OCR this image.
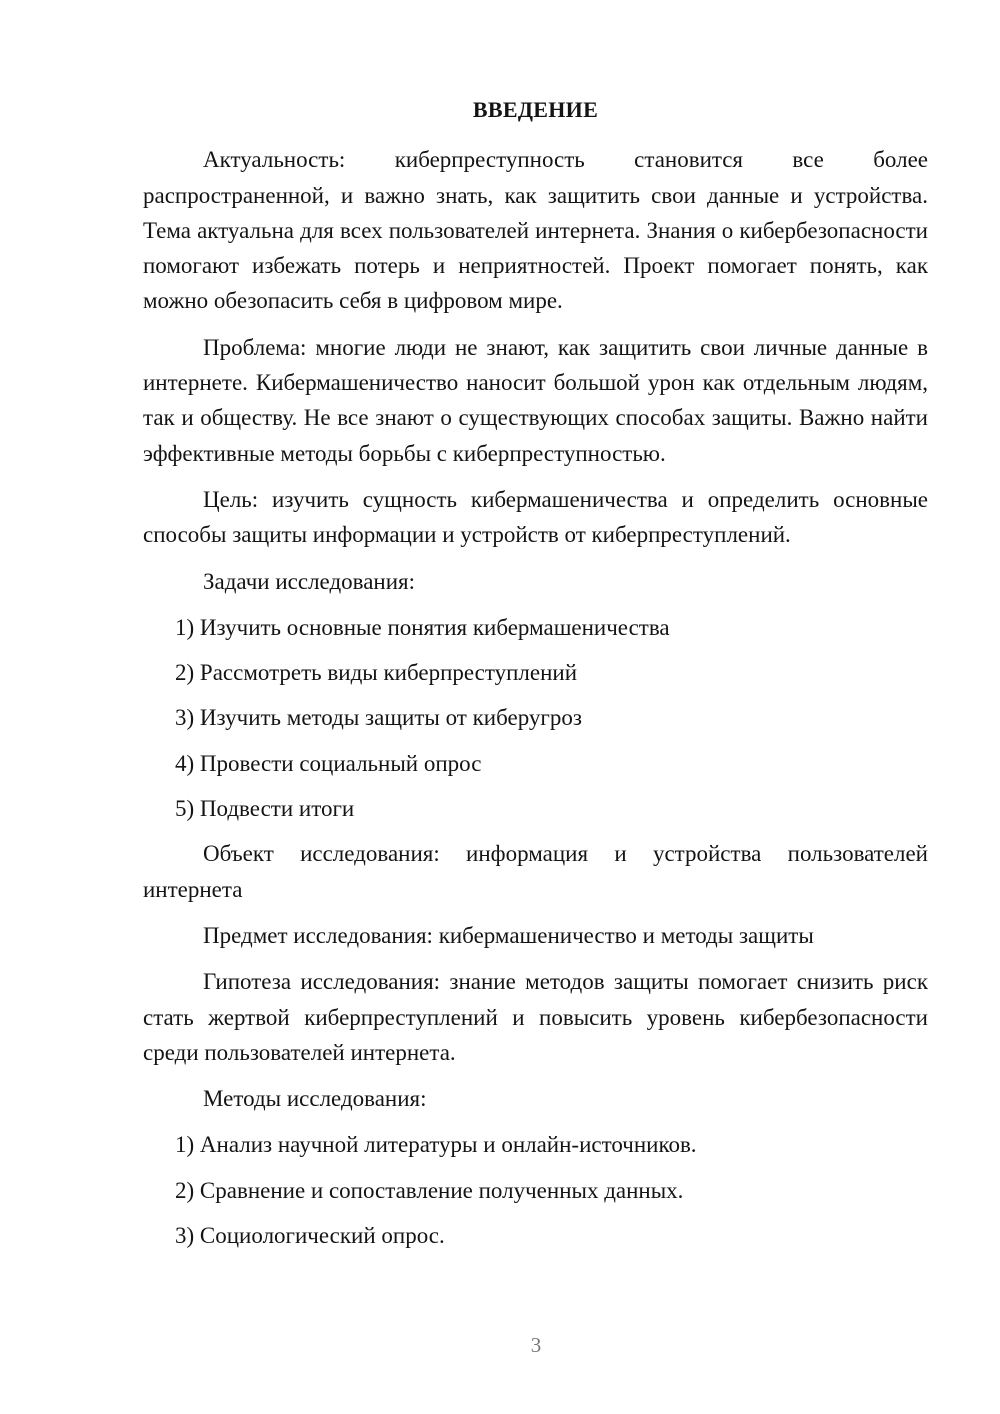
ВВЕДЕНИЕ

Актуальность: киберпреступность становится все более распространенной, и важно знать, как защитить свои данные и устройства. Тема актуальна для всех пользователей интернета. Знания о кибербезопасности помогают избежать потерь и неприятностей. Проект помогает понять, как можно обезопасить себя в цифровом мире.

Проблема: многие люди не знают, как защитить свои личные данные в интернете. Кибермашеничество наносит большой урон как отдельным людям, так и обществу. Не все знают о существующих способах защиты. Важно найти эффективные методы борьбы с киберпреступностью.

Цель: изучить сущность кибермашеничества и определить основные способы защиты информации и устройств от киберпреступлений.

Задачи исследования:

1) Изучить основные понятия кибермашеничества
2) Рассмотреть виды киберпреступлений
3) Изучить методы защиты от киберугроз
4) Провести социальный опрос
5) Подвести итоги

Объект исследования: информация и устройства пользователей интернета

Предмет исследования: кибермашеничество и методы защиты

Гипотеза исследования: знание методов защиты помогает снизить риск стать жертвой киберпреступлений и повысить уровень кибербезопасности среди пользователей интернета.

Методы исследования:

1) Анализ научной литературы и онлайн-источников.
2) Сравнение и сопоставление полученных данных.
3) Социологический опрос.
3
